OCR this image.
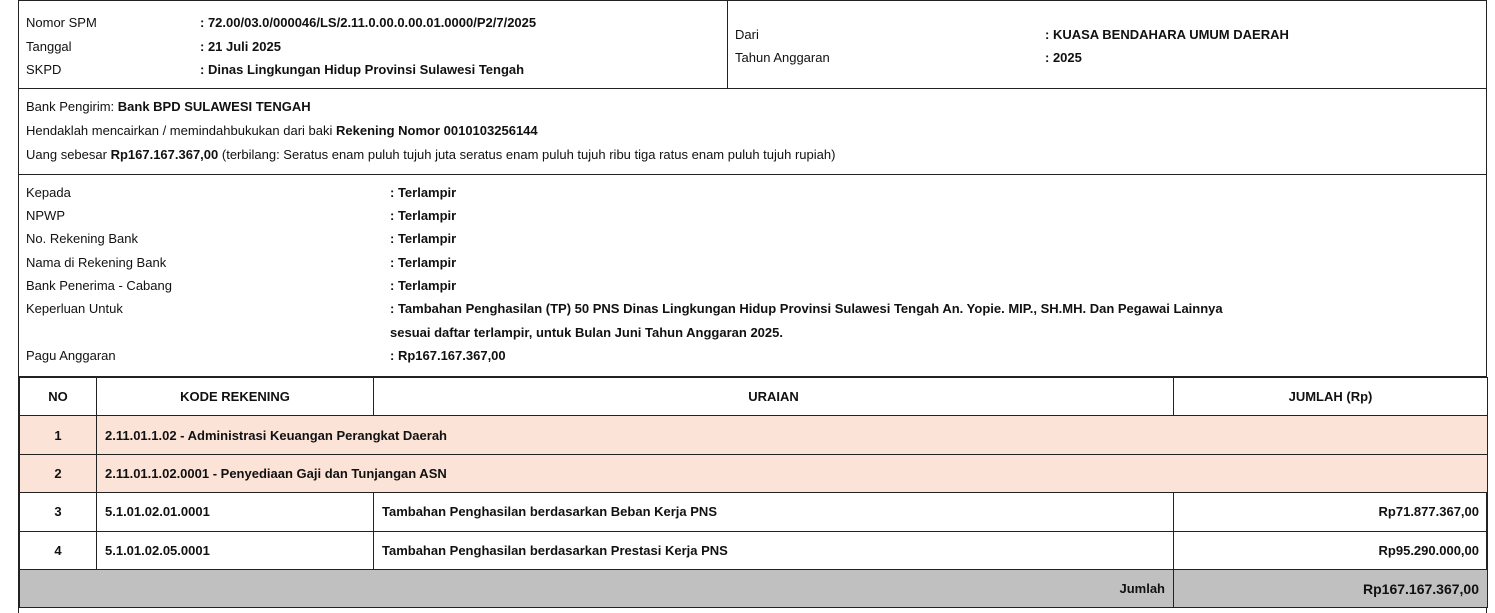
Nomor SPM	: 72.00/03.0/000046/LS/2.11.0.00.0.00.01.0000/P2/7/2025
Tanggal	: 21 Juli 2025
SKPD	: Dinas Lingkungan Hidup Provinsi Sulawesi Tengah
Dari	: KUASA BENDAHARA UMUM DAERAH
Tahun Anggaran	: 2025
Bank Pengirim: Bank BPD SULAWESI TENGAH
Hendaklah mencairkan / memindahbukukan dari baki Rekening Nomor 0010103256144
Uang sebesar Rp167.167.367,00 (terbilang: Seratus enam puluh tujuh juta seratus enam puluh tujuh ribu tiga ratus enam puluh tujuh rupiah)
Kepada	: Terlampir
NPWP	: Terlampir
No. Rekening Bank	: Terlampir
Nama di Rekening Bank	: Terlampir
Bank Penerima - Cabang	: Terlampir
Keperluan Untuk	: Tambahan Penghasilan (TP) 50 PNS Dinas Lingkungan Hidup Provinsi Sulawesi Tengah An. Yopie. MIP., SH.MH. Dan Pegawai Lainnya
sesuai daftar terlampir, untuk Bulan Juni Tahun Anggaran 2025.
Pagu Anggaran	: Rp167.167.367,00
NO	KODE REKENING	URAIAN	JUMLAH (Rp)
1	2.11.01.1.02 - Administrasi Keuangan Perangkat Daerah		
2	2.11.01.1.02.0001 - Penyediaan Gaji dan Tunjangan ASN		
3	5.1.01.02.01.0001	Tambahan Penghasilan berdasarkan Beban Kerja PNS	Rp71.877.367,00
4	5.1.01.02.05.0001	Tambahan Penghasilan berdasarkan Prestasi Kerja PNS	Rp95.290.000,00
Jumlah			Rp167.167.367,00
